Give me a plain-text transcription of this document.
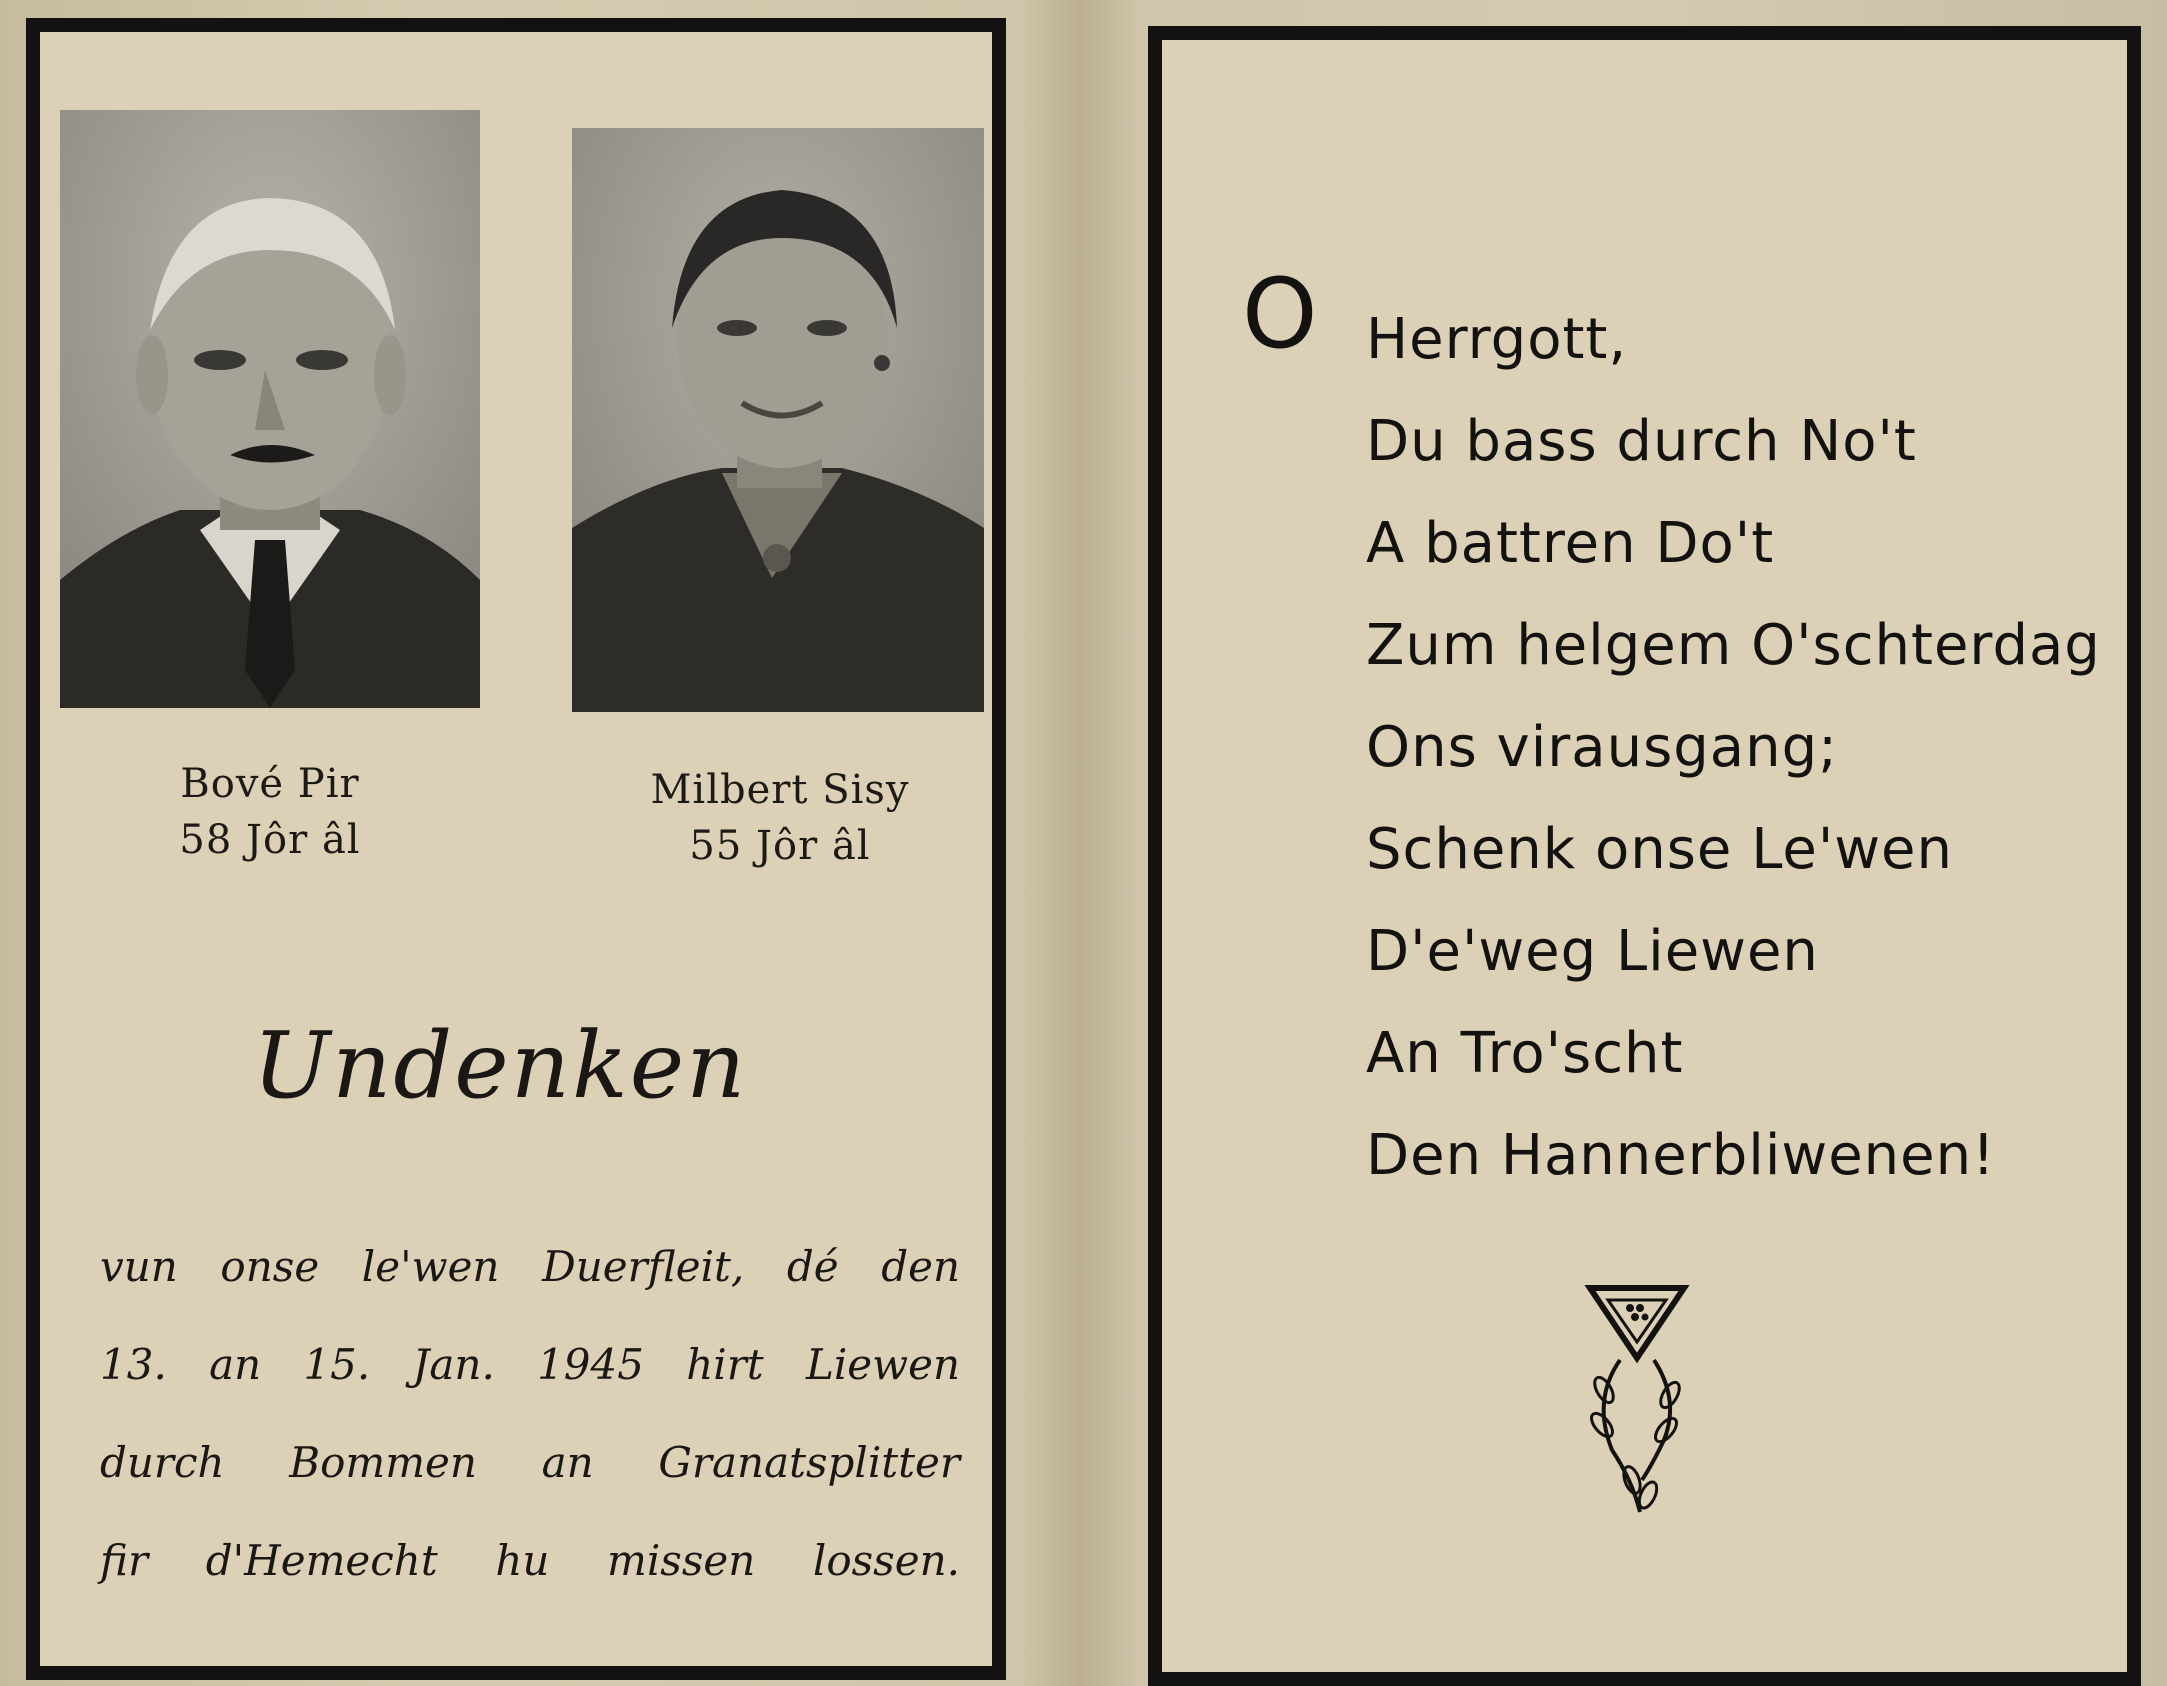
Bové Pir
58 Jôr âl
Milbert Sisy
55 Jôr âl
Undenken
vun onse le'wen Duerfleit, dé den
13. an 15. Jan. 1945 hirt Liewen
durch Bommen an Granatsplitter
fir d'Hemecht hu missen lossen.
O Herrgott,
Du bass durch No't
A battren Do't
Zum helgem O'schterdag
Ons virausgang;
Schenk onse Le'wen
D'e'weg Liewen
An Tro'scht
Den Hannerbliwenen!
